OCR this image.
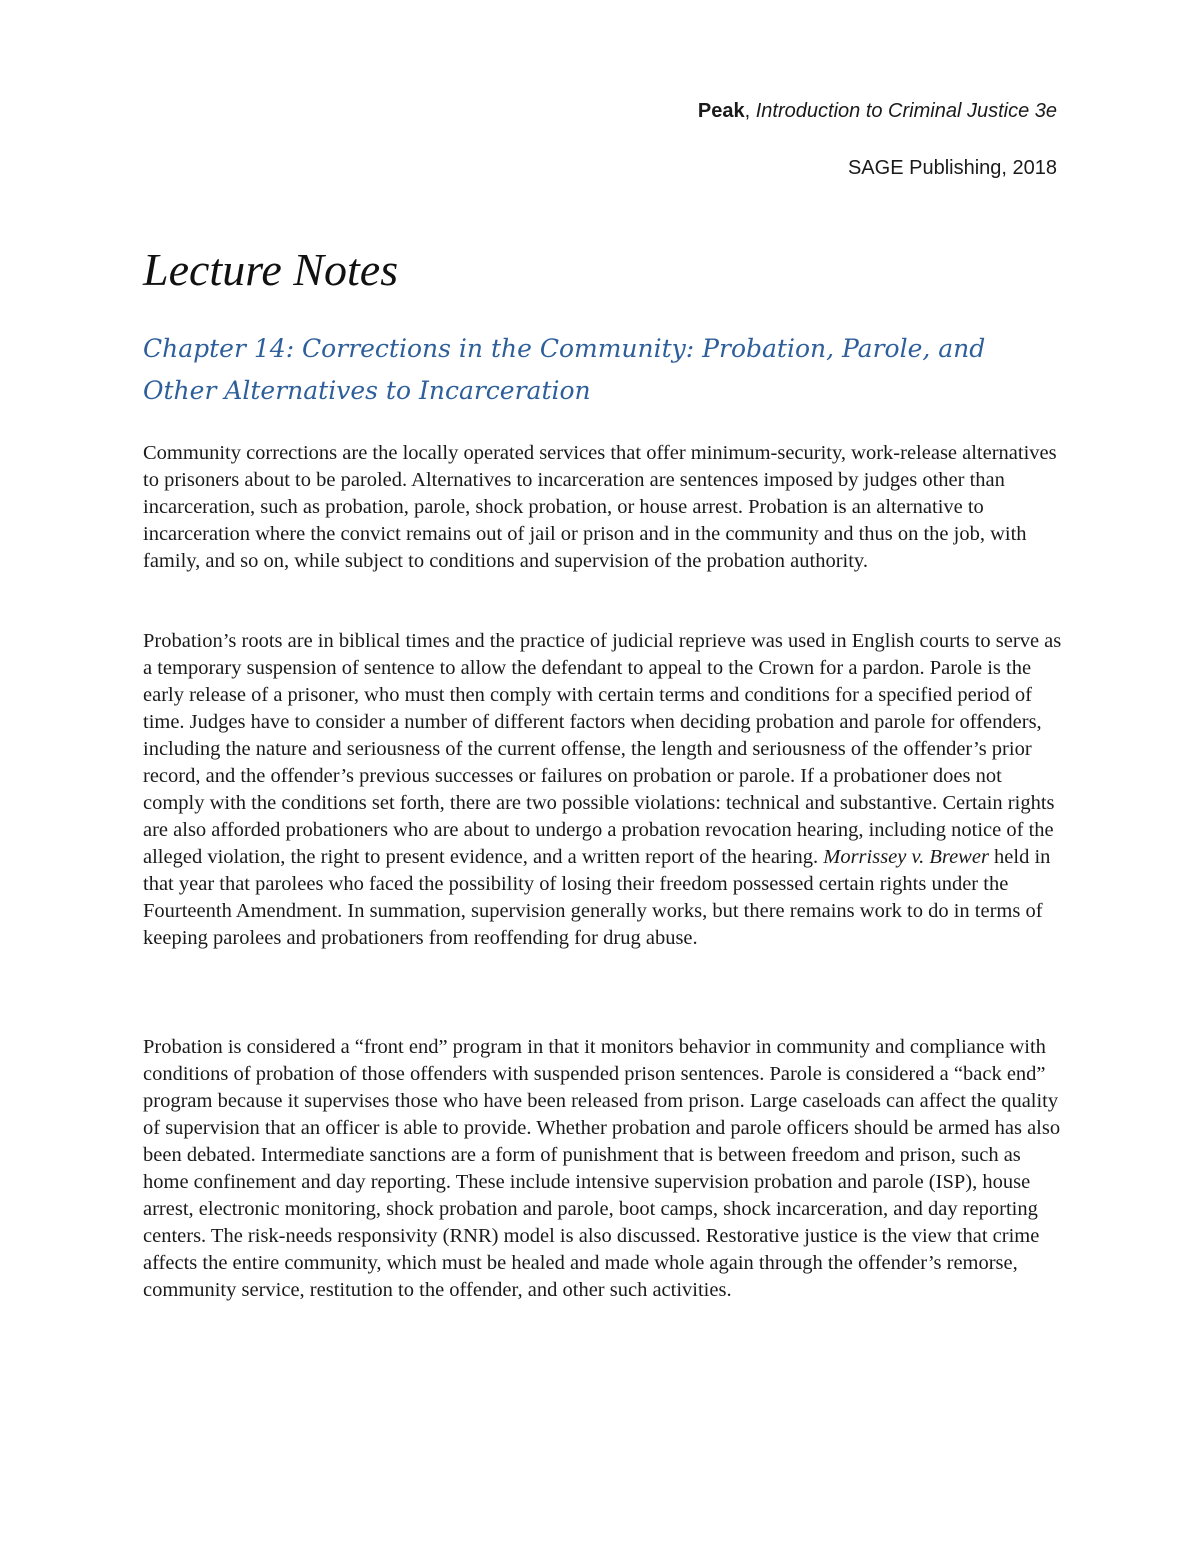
Peak, Introduction to Criminal Justice 3e
SAGE Publishing, 2018
Lecture Notes
Chapter 14: Corrections in the Community: Probation, Parole, and Other Alternatives to Incarceration

Community corrections are the locally operated services that offer minimum-security, work-release alternatives to prisoners about to be paroled. Alternatives to incarceration are sentences imposed by judges other than incarceration, such as probation, parole, shock probation, or house arrest. Probation is an alternative to incarceration where the convict remains out of jail or prison and in the community and thus on the job, with family, and so on, while subject to conditions and supervision of the probation authority.

Probation’s roots are in biblical times and the practice of judicial reprieve was used in English courts to serve as a temporary suspension of sentence to allow the defendant to appeal to the Crown for a pardon. Parole is the early release of a prisoner, who must then comply with certain terms and conditions for a specified period of time. Judges have to consider a number of different factors when deciding probation and parole for offenders, including the nature and seriousness of the current offense, the length and seriousness of the offender’s prior record, and the offender’s previous successes or failures on probation or parole. If a probationer does not comply with the conditions set forth, there are two possible violations: technical and substantive. Certain rights are also afforded probationers who are about to undergo a probation revocation hearing, including notice of the alleged violation, the right to present evidence, and a written report of the hearing. Morrissey v. Brewer held in that year that parolees who faced the possibility of losing their freedom possessed certain rights under the Fourteenth Amendment. In summation, supervision generally works, but there remains work to do in terms of keeping parolees and probationers from reoffending for drug abuse.

Probation is considered a “front end” program in that it monitors behavior in community and compliance with conditions of probation of those offenders with suspended prison sentences. Parole is considered a “back end” program because it supervises those who have been released from prison. Large caseloads can affect the quality of supervision that an officer is able to provide. Whether probation and parole officers should be armed has also been debated. Intermediate sanctions are a form of punishment that is between freedom and prison, such as home confinement and day reporting. These include intensive supervision probation and parole (ISP), house arrest, electronic monitoring, shock probation and parole, boot camps, shock incarceration, and day reporting centers. The risk-needs responsivity (RNR) model is also discussed. Restorative justice is the view that crime affects the entire community, which must be healed and made whole again through the offender’s remorse, community service, restitution to the offender, and other such activities.
